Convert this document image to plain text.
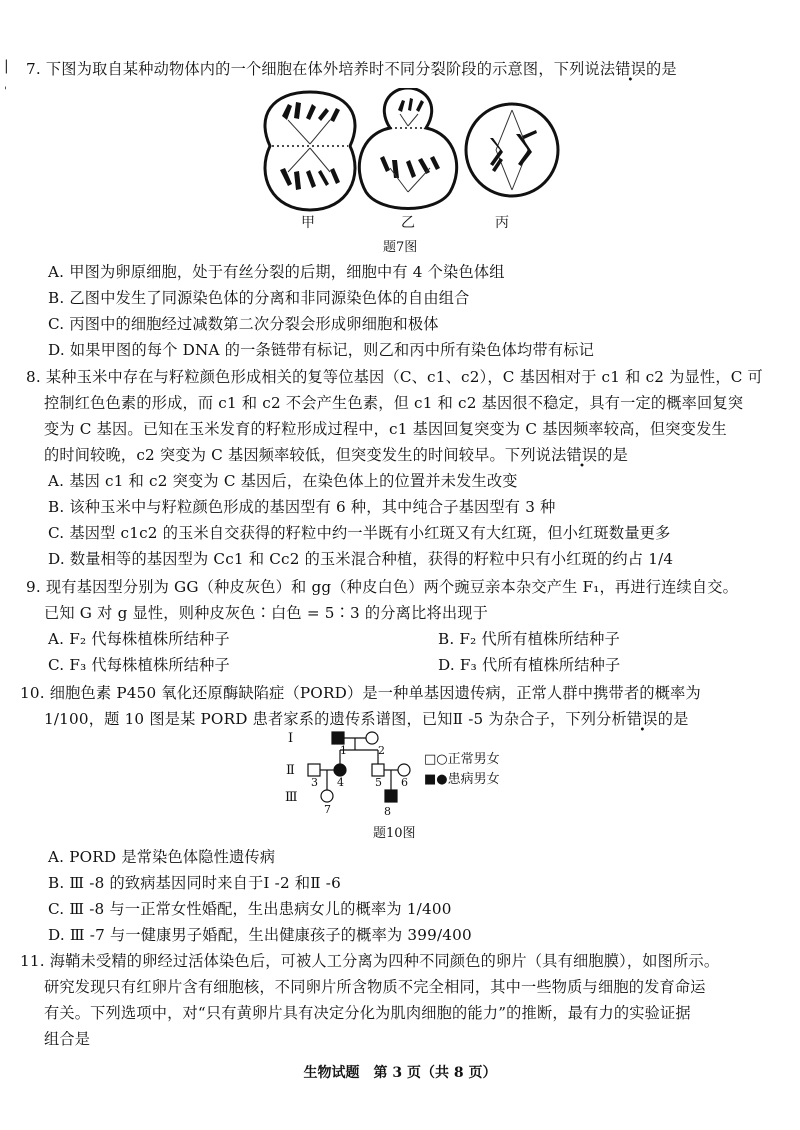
|
'
7. 下图为取自某种动物体内的一个细胞在体外培养时不同分裂阶段的示意图，下列说法错误的是
甲	乙	丙
题7图
A. 甲图为卵原细胞，处于有丝分裂的后期，细胞中有 4 个染色体组
B. 乙图中发生了同源染色体的分离和非同源染色体的自由组合
C. 丙图中的细胞经过减数第二次分裂会形成卵细胞和极体
D. 如果甲图的每个 DNA 的一条链带有标记，则乙和丙中所有染色体均带有标记
8. 某种玉米中存在与籽粒颜色形成相关的复等位基因（C、c1、c2），C 基因相对于 c1 和 c2 为显性，C 可
控制红色色素的形成，而 c1 和 c2 不会产生色素，但 c1 和 c2 基因很不稳定，具有一定的概率回复突
变为 C 基因。已知在玉米发育的籽粒形成过程中，c1 基因回复突变为 C 基因频率较高，但突变发生
的时间较晚，c2 突变为 C 基因频率较低，但突变发生的时间较早。下列说法错误的是
A. 基因 c1 和 c2 突变为 C 基因后，在染色体上的位置并未发生改变
B. 该种玉米中与籽粒颜色形成的基因型有 6 种，其中纯合子基因型有 3 种
C. 基因型 c1c2 的玉米自交获得的籽粒中约一半既有小红斑又有大红斑，但小红斑数量更多
D. 数量相等的基因型为 Cc1 和 Cc2 的玉米混合种植，获得的籽粒中只有小红斑的约占 1/4
9. 现有基因型分别为 GG（种皮灰色）和 gg（种皮白色）两个豌豆亲本杂交产生 F₁，再进行连续自交。
已知 G 对 g 显性，则种皮灰色∶白色 = 5∶3 的分离比将出现于
A. F₂ 代每株植株所结种子	B. F₂ 代所有植株所结种子
C. F₃ 代每株植株所结种子	D. F₃ 代所有植株所结种子
10. 细胞色素 P450 氧化还原酶缺陷症（PORD）是一种单基因遗传病，正常人群中携带者的概率为
1/100，题 10 图是某 PORD 患者家系的遗传系谱图，已知Ⅱ -5 为杂合子，下列分析错误的是
Ⅰ
Ⅱ
Ⅲ
1	2
3 4	5 6
7	8
□○正常男女
■●患病男女
题10图
A. PORD 是常染色体隐性遗传病
B. Ⅲ -8 的致病基因同时来自于Ⅰ -2 和Ⅱ -6
C. Ⅲ -8 与一正常女性婚配，生出患病女儿的概率为 1/400
D. Ⅲ -7 与一健康男子婚配，生出健康孩子的概率为 399/400
11. 海鞘未受精的卵经过活体染色后，可被人工分离为四种不同颜色的卵片（具有细胞膜），如图所示。
研究发现只有红卵片含有细胞核，不同卵片所含物质不完全相同，其中一些物质与细胞的发育命运
有关。下列选项中，对“只有黄卵片具有决定分化为肌肉细胞的能力”的推断，最有力的实验证据
组合是
生物试题　第 3 页（共 8 页）
